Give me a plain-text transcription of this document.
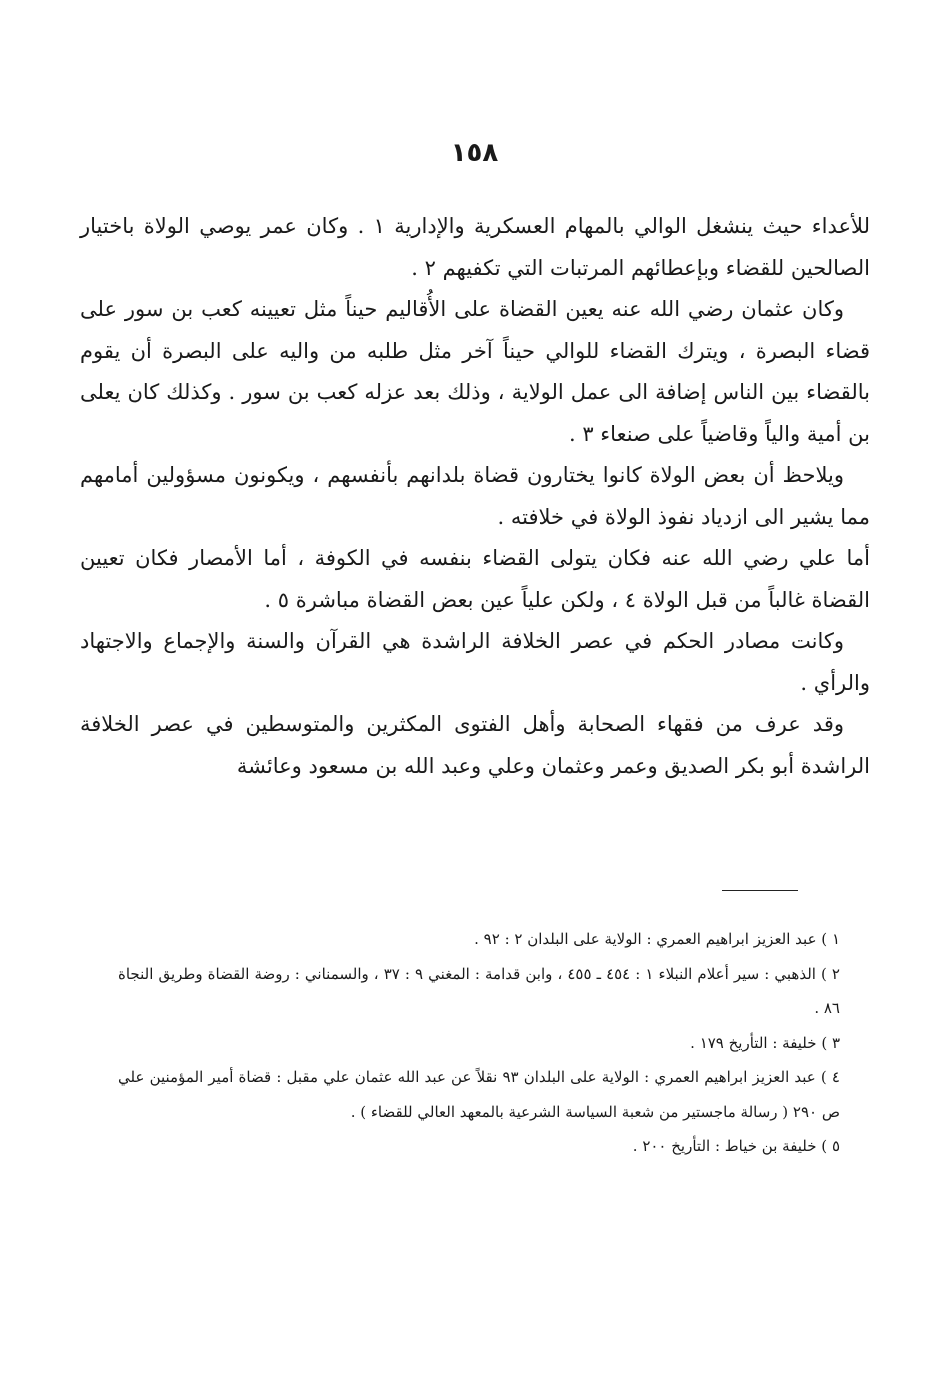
١٥٨

للأعداء حيث ينشغل الوالي بالمهام العسكرية والإدارية ١ . وكان عمر يوصي الولاة باختيار الصالحين للقضاء وبإعطائهم المرتبات التي تكفيهم ٢ .

وكان عثمان رضي الله عنه يعين القضاة على الأُقاليم حيناً مثل تعيينه كعب بن سور على قضاء البصرة ، ويترك القضاء للوالي حيناً آخر مثل طلبه من واليه على البصرة أن يقوم بالقضاء بين الناس إضافة الى عمل الولاية ، وذلك بعد عزله كعب بن سور . وكذلك كان يعلى بن أمية والياً وقاضياً على صنعاء ٣ .

ويلاحظ أن بعض الولاة كانوا يختارون قضاة بلدانهم بأنفسهم ، ويكونون مسؤولين أمامهم مما يشير الى ازدياد نفوذ الولاة في خلافته .

أما علي رضي الله عنه فكان يتولى القضاء بنفسه في الكوفة ، أما الأمصار فكان تعيين القضاة غالباً من قبل الولاة ٤ ، ولكن علياً عين بعض القضاة مباشرة ٥ .

وكانت مصادر الحكم في عصر الخلافة الراشدة هي القرآن والسنة والإجماع والاجتهاد والرأي .

وقد عرف من فقهاء الصحابة وأهل الفتوى المكثرين والمتوسطين في عصر الخلافة الراشدة أبو بكر الصديق وعمر وعثمان وعلي وعبد الله بن مسعود وعائشة

١ ) عبد العزيز ابراهيم العمري : الولاية على البلدان ٢ : ٩٢ .

٢ ) الذهبي : سير أعلام النبلاء ١ : ٤٥٤ ـ ٤٥٥ ، وابن قدامة : المغني ٩ : ٣٧ ، والسمناني : روضة القضاة وطريق النجاة ٨٦ .

٣ ) خليفة : التأريخ ١٧٩ .

٤ ) عبد العزيز ابراهيم العمري : الولاية على البلدان ٩٣ نقلاً عن عبد الله عثمان علي مقبل : قضاة أمير المؤمنين علي ص ٢٩٠ ( رسالة ماجستير من شعبة السياسة الشرعية بالمعهد العالي للقضاء ) .

٥ ) خليفة بن خياط : التأريخ ٢٠٠ .
